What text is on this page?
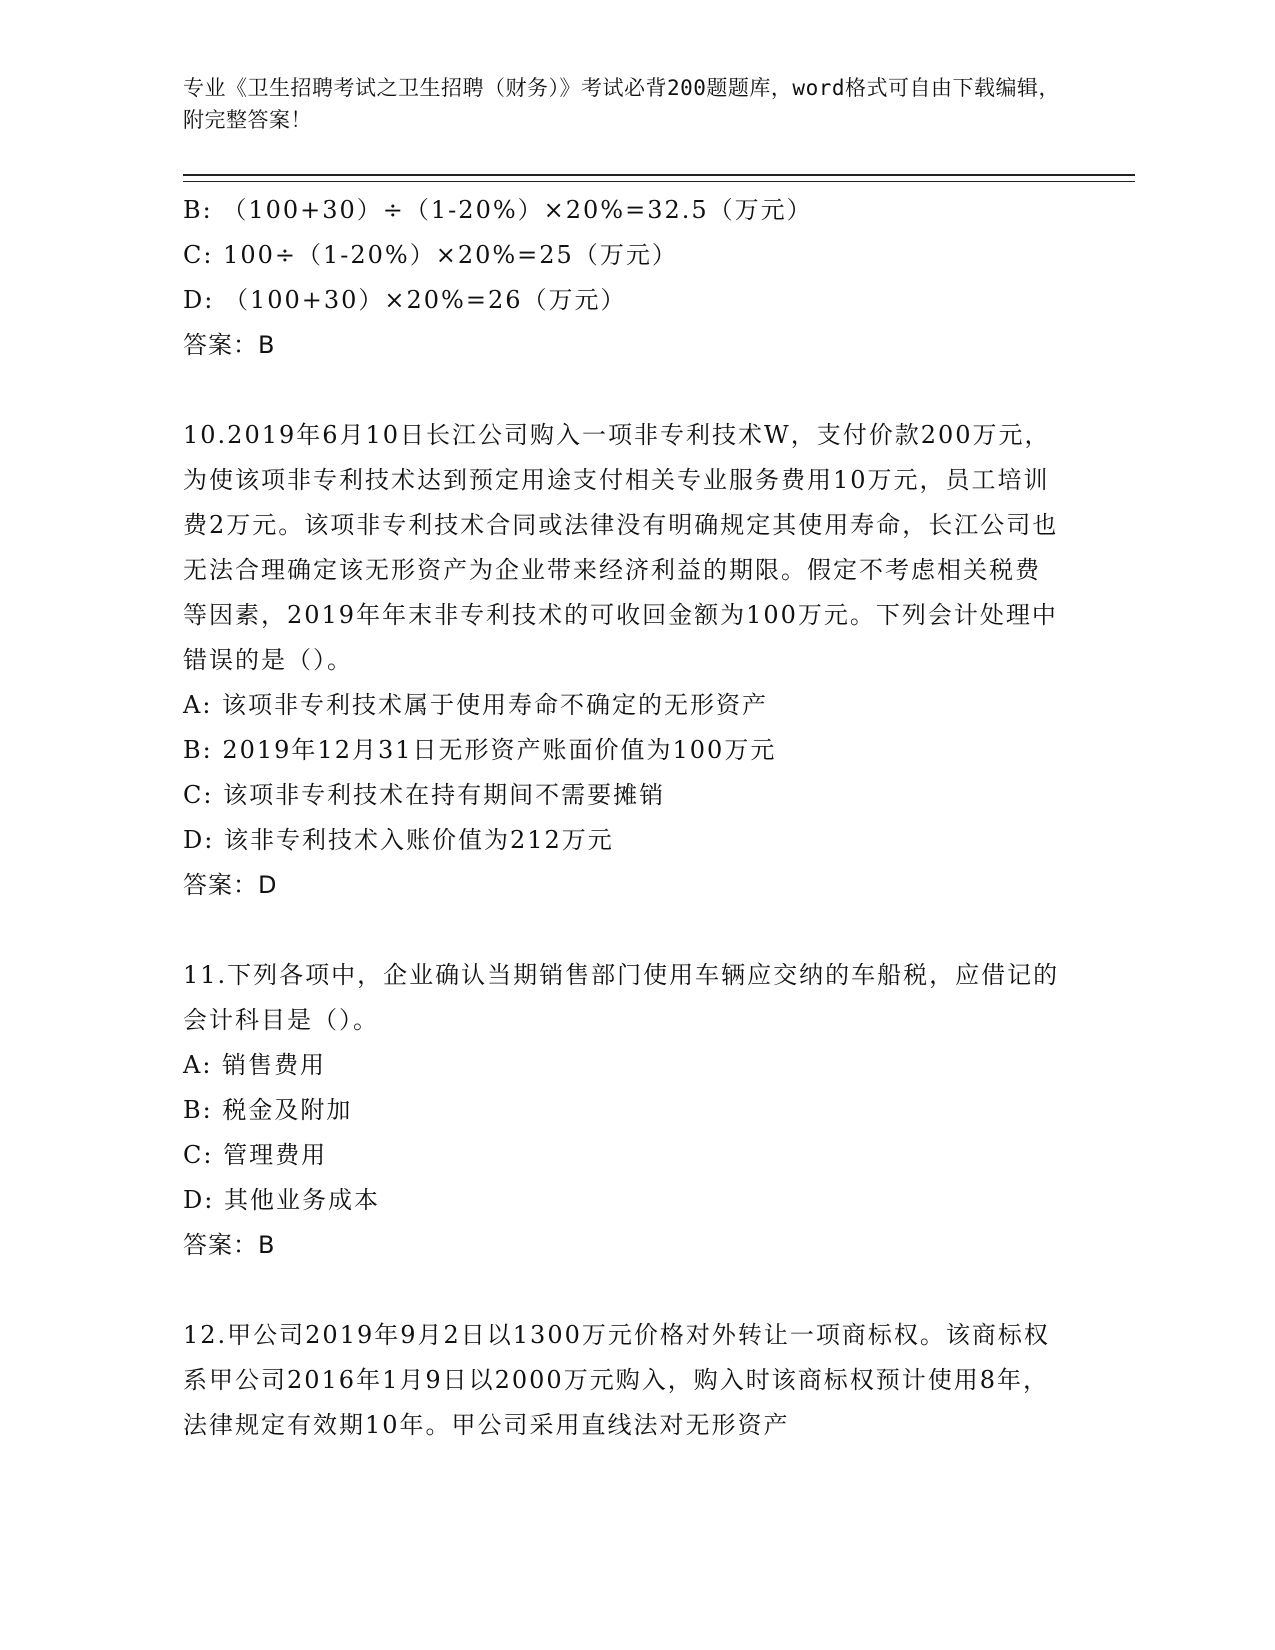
专业《卫生招聘考试之卫生招聘（财务）》考试必背200题题库，word格式可自由下载编辑，附完整答案！
B: （100+30）÷（1-20%）×20%=32.5（万元）
C: 100÷（1-20%）×20%=25（万元）
D: （100+30）×20%=26（万元）
答案：B
10.2019年6月10日长江公司购入一项非专利技术W，支付价款200万元，为使该项非专利技术达到预定用途支付相关专业服务费用10万元，员工培训费2万元。该项非专利技术合同或法律没有明确规定其使用寿命，长江公司也无法合理确定该无形资产为企业带来经济利益的期限。假定不考虑相关税费等因素，2019年年末非专利技术的可收回金额为100万元。下列会计处理中错误的是（）。
A: 该项非专利技术属于使用寿命不确定的无形资产
B: 2019年12月31日无形资产账面价值为100万元
C: 该项非专利技术在持有期间不需要摊销
D: 该非专利技术入账价值为212万元
答案：D
11.下列各项中，企业确认当期销售部门使用车辆应交纳的车船税，应借记的会计科目是（）。
A: 销售费用
B: 税金及附加
C: 管理费用
D: 其他业务成本
答案：B
12.甲公司2019年9月2日以1300万元价格对外转让一项商标权。该商标权系甲公司2016年1月9日以2000万元购入，购入时该商标权预计使用8年，法律规定有效期10年。甲公司采用直线法对无形资产
